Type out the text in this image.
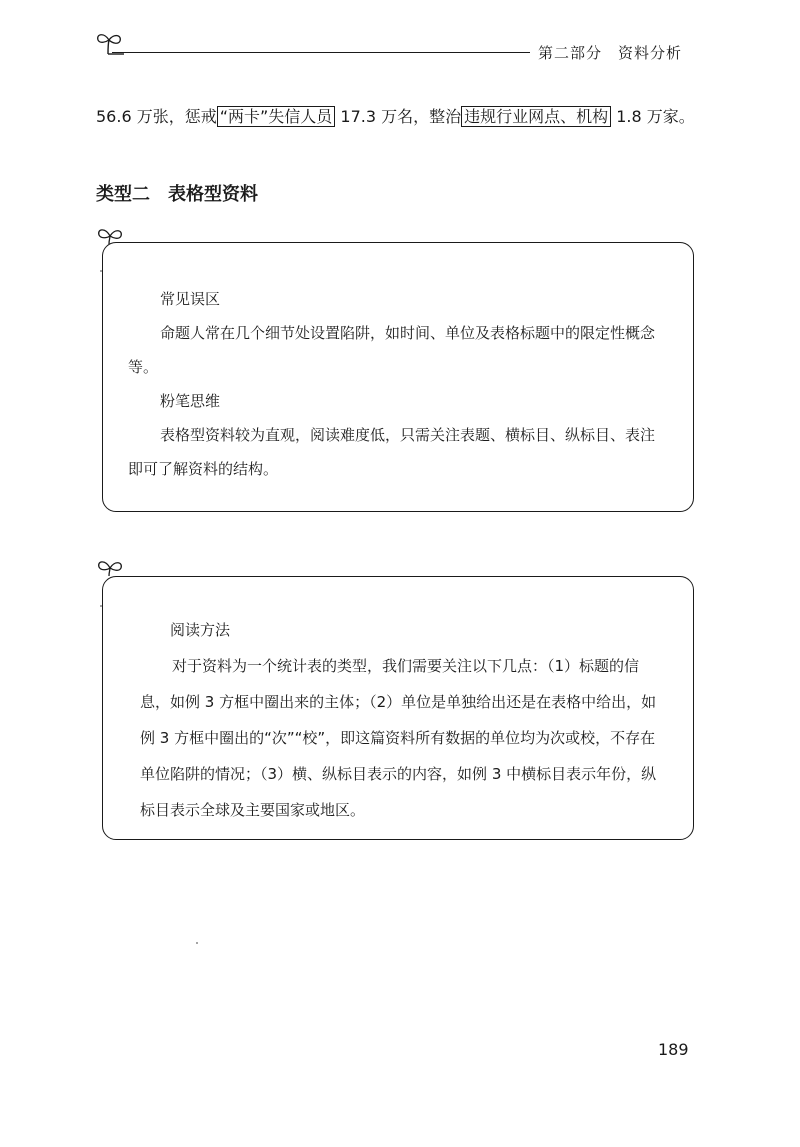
第二部分　资料分析
56.6 万张，惩戒 “两卡”失信人员 17.3 万名，整治 违规行业网点、机构 1.8 万家。
类型二　表格型资料
常见误区
命题人常在几个细节处设置陷阱，如时间、单位及表格标题中的限定性概念等。
粉笔思维
表格型资料较为直观，阅读难度低，只需关注表题、横标目、纵标目、表注即可了解资料的结构。
阅读方法
对于资料为一个统计表的类型，我们需要关注以下几点：（1）标题的信息，如例 3 方框中圈出来的主体；（2）单位是单独给出还是在表格中给出，如例 3 方框中圈出的“次”“校”，即这篇资料所有数据的单位均为次或校，不存在单位陷阱的情况；（3）横、纵标目表示的内容，如例 3 中横标目表示年份，纵标目表示全球及主要国家或地区。
189
